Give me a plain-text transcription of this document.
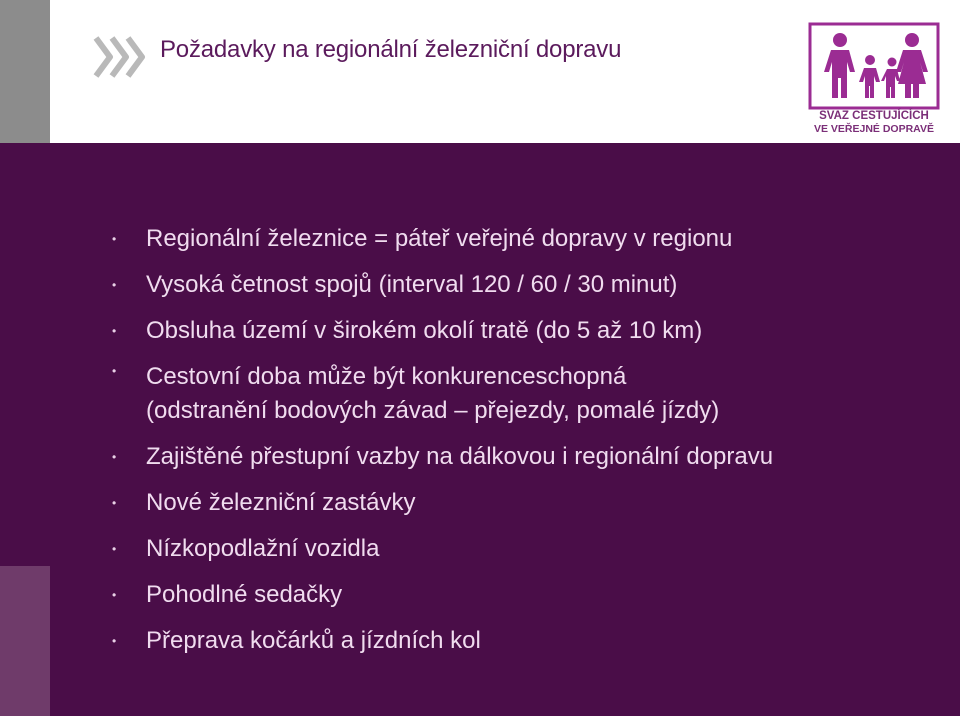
Požadavky na regionální železniční dopravu
SVAZ CESTUJÍCÍCH
VE VEŘEJNÉ DOPRAVĚ
• Regionální železnice = páteř veřejné dopravy v regionu
• Vysoká četnost spojů (interval 120 / 60 / 30 minut)
• Obsluha území v širokém okolí tratě (do 5 až 10 km)
• Cestovní doba může být konkurenceschopná
(odstranění bodových závad – přejezdy, pomalé jízdy)
• Zajištěné přestupní vazby na dálkovou i regionální dopravu
• Nové železniční zastávky
• Nízkopodlažní vozidla
• Pohodlné sedačky
• Přeprava kočárků a jízdních kol
